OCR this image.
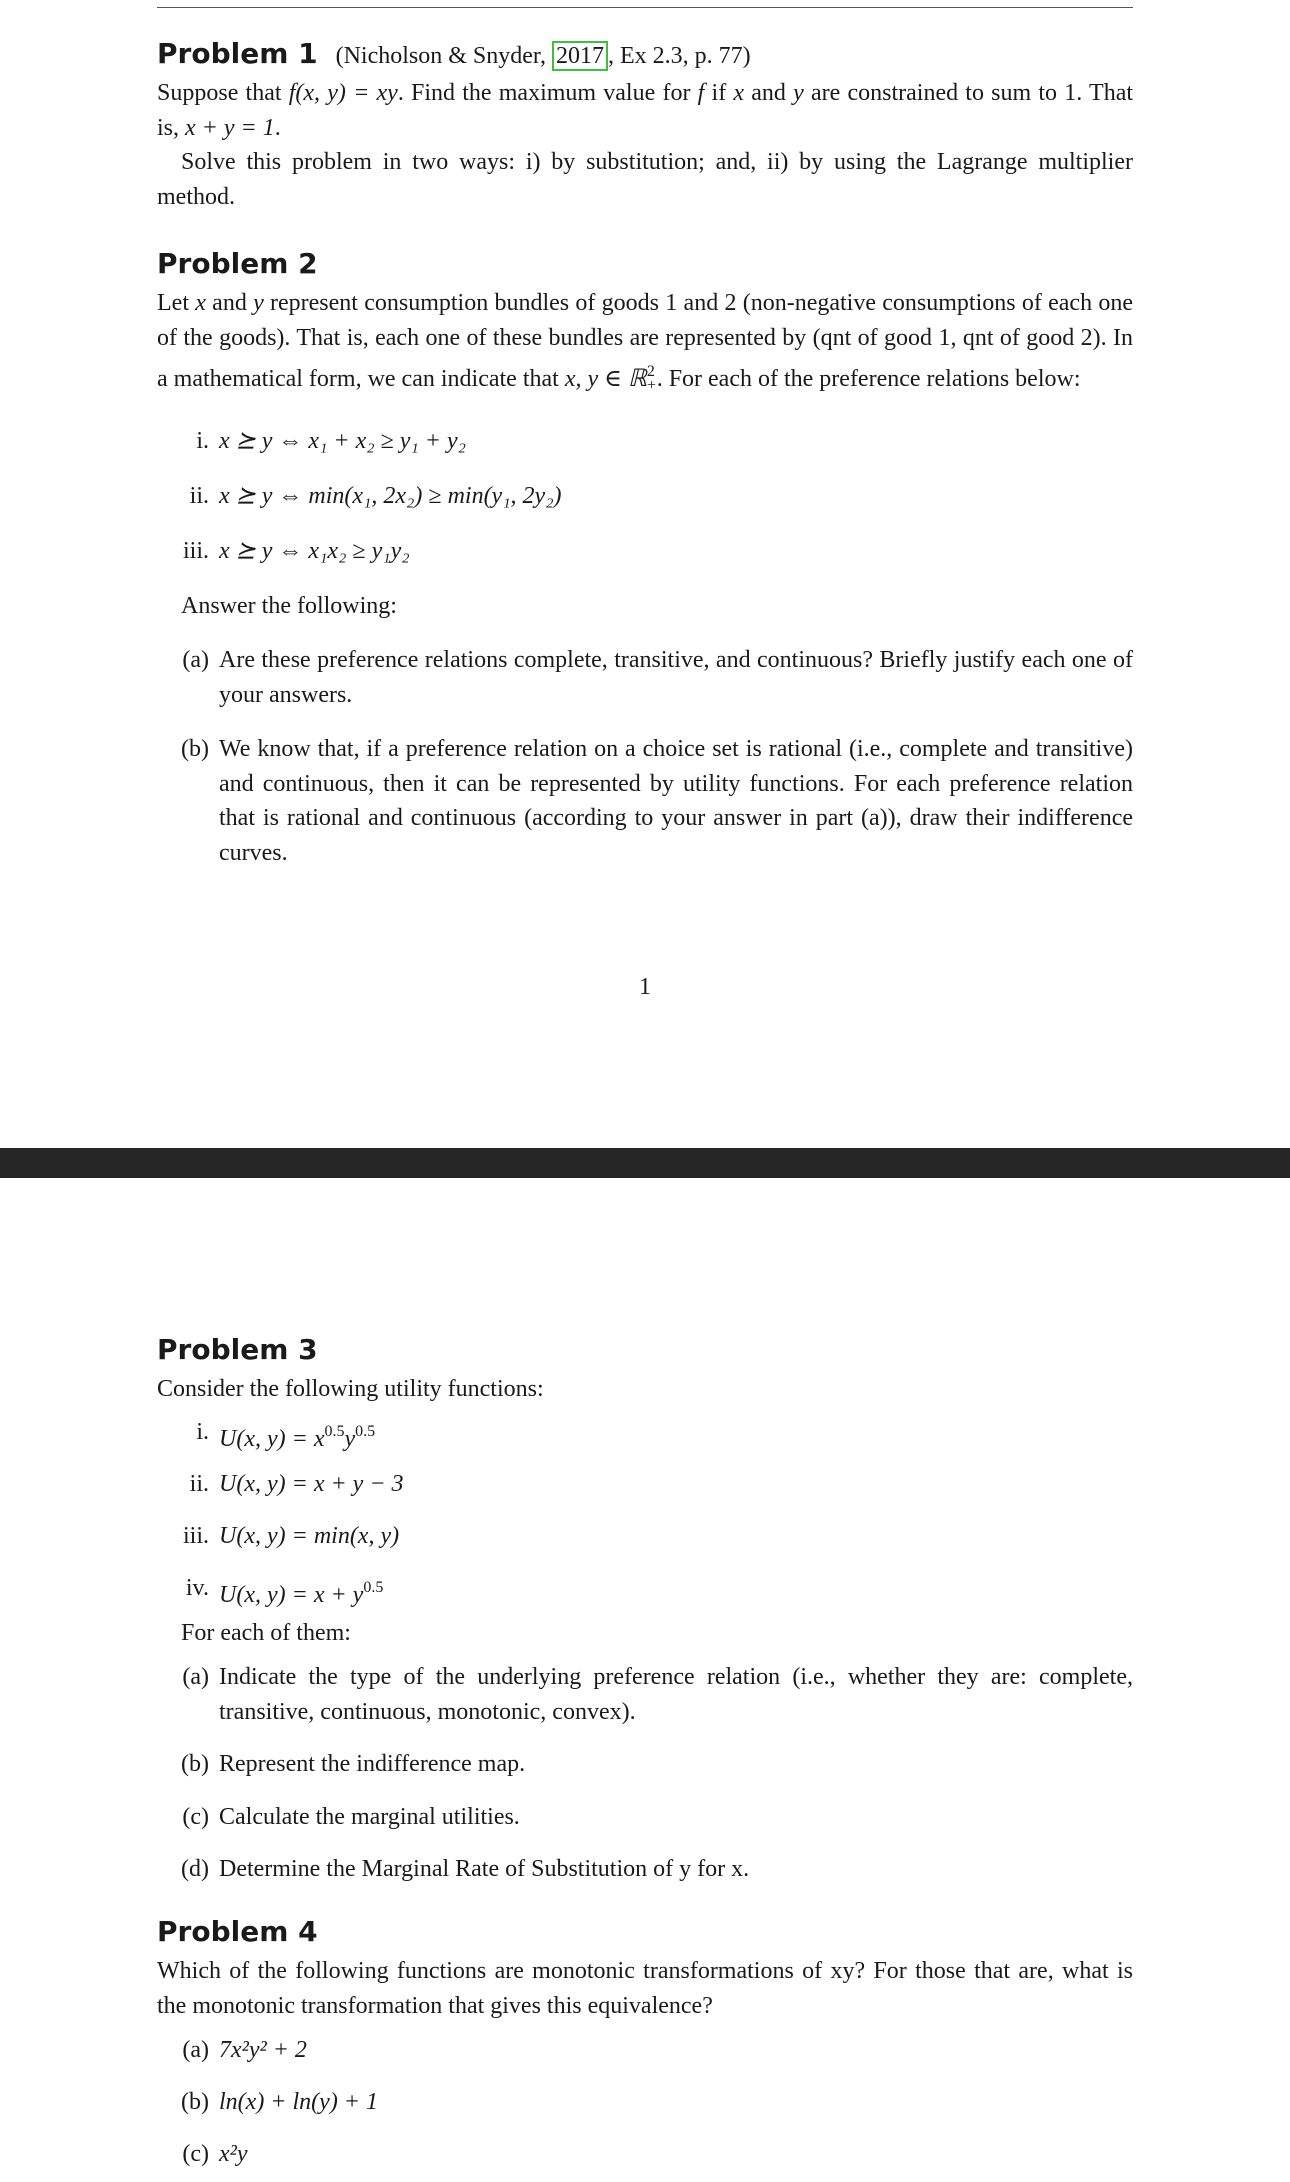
Problem 1 (Nicholson & Snyder, 2017 , Ex 2.3, p. 77)

Suppose that f(x, y) = xy. Find the maximum value for f if x and y are constrained to sum to 1. That is, x + y = 1.

Solve this problem in two ways: i) by substitution; and, ii) by using the Lagrange multiplier method.

Problem 2

Let x and y represent consumption bundles of goods 1 and 2 (non-negative consumptions of each one of the goods). That is, each one of these bundles are represented by (qnt of good 1, qnt of good 2). In a mathematical form, we can indicate that x, y ∈ ℝ$^2_+$. For each of the preference relations below:

i. x ⪰ y ⇔ x₁ + x₂ ≥ y₁ + y₂
ii. x ⪰ y ⇔ min(x₁, 2x₂) ≥ min(y₁, 2y₂)
iii. x ⪰ y ⇔ x₁x₂ ≥ y₁y₂

Answer the following:

(a) Are these preference relations complete, transitive, and continuous? Briefly justify each one of your answers.
(b) We know that, if a preference relation on a choice set is rational (i.e., complete and transitive) and continuous, then it can be represented by utility functions. For each preference relation that is rational and continuous (according to your answer in part (a)), draw their indifference curves.
1
Problem 3

Consider the following utility functions:

i. U(x, $y) = x^{0.5}y^{0.5}$
ii. U(x, y) = x + y − 3
iii. U(x, y) = min(x, y)
iv. U(x, $y) = x + y^{0.5}$

For each of them:

(a) Indicate the type of the underlying preference relation (i.e., whether they are: complete, transitive, continuous, monotonic, convex).
(b) Represent the indifference map.
(c) Calculate the marginal utilities.
(d) Determine the Marginal Rate of Substitution of y for x.
Problem 4

Which of the following functions are monotonic transformations of xy? For those that are, what is the monotonic transformation that gives this equivalence?

(a) 7x²y² + 2
(b) ln(x) + ln(y) + 1
(c) x²y
